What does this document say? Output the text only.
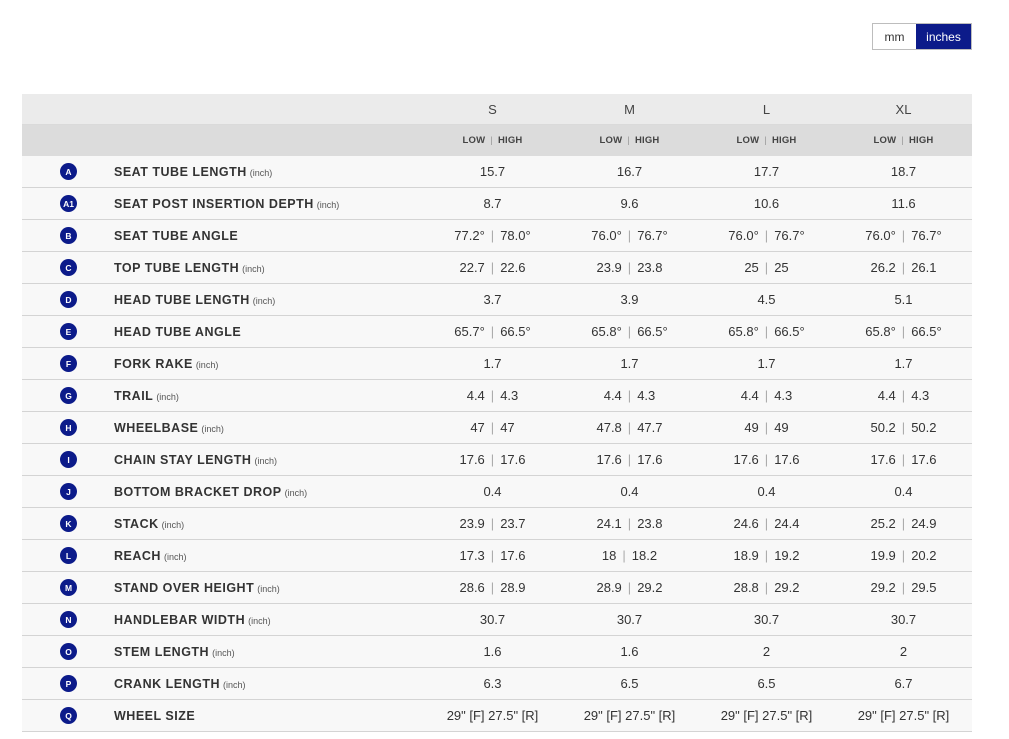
mm	inches
		S	M	L	XL
		LOW | HIGH	LOW | HIGH	LOW | HIGH	LOW | HIGH
A	SEAT TUBE LENGTH (inch)	15.7	16.7	17.7	18.7
A1	SEAT POST INSERTION DEPTH (inch)	8.7	9.6	10.6	11.6
B	SEAT TUBE ANGLE	77.2° | 78.0°	76.0° | 76.7°	76.0° | 76.7°	76.0° | 76.7°
C	TOP TUBE LENGTH (inch)	22.7 | 22.6	23.9 | 23.8	25 | 25	26.2 | 26.1
D	HEAD TUBE LENGTH (inch)	3.7	3.9	4.5	5.1
E	HEAD TUBE ANGLE	65.7° | 66.5°	65.8° | 66.5°	65.8° | 66.5°	65.8° | 66.5°
F	FORK RAKE (inch)	1.7	1.7	1.7	1.7
G	TRAIL (inch)	4.4 | 4.3	4.4 | 4.3	4.4 | 4.3	4.4 | 4.3
H	WHEELBASE (inch)	47 | 47	47.8 | 47.7	49 | 49	50.2 | 50.2
I	CHAIN STAY LENGTH (inch)	17.6 | 17.6	17.6 | 17.6	17.6 | 17.6	17.6 | 17.6
J	BOTTOM BRACKET DROP (inch)	0.4	0.4	0.4	0.4
K	STACK (inch)	23.9 | 23.7	24.1 | 23.8	24.6 | 24.4	25.2 | 24.9
L	REACH (inch)	17.3 | 17.6	18 | 18.2	18.9 | 19.2	19.9 | 20.2
M	STAND OVER HEIGHT (inch)	28.6 | 28.9	28.9 | 29.2	28.8 | 29.2	29.2 | 29.5
N	HANDLEBAR WIDTH (inch)	30.7	30.7	30.7	30.7
O	STEM LENGTH (inch)	1.6	1.6	2	2
P	CRANK LENGTH (inch)	6.3	6.5	6.5	6.7
Q	WHEEL SIZE	29" [F] 27.5" [R]	29" [F] 27.5" [R]	29" [F] 27.5" [R]	29" [F] 27.5" [R]
